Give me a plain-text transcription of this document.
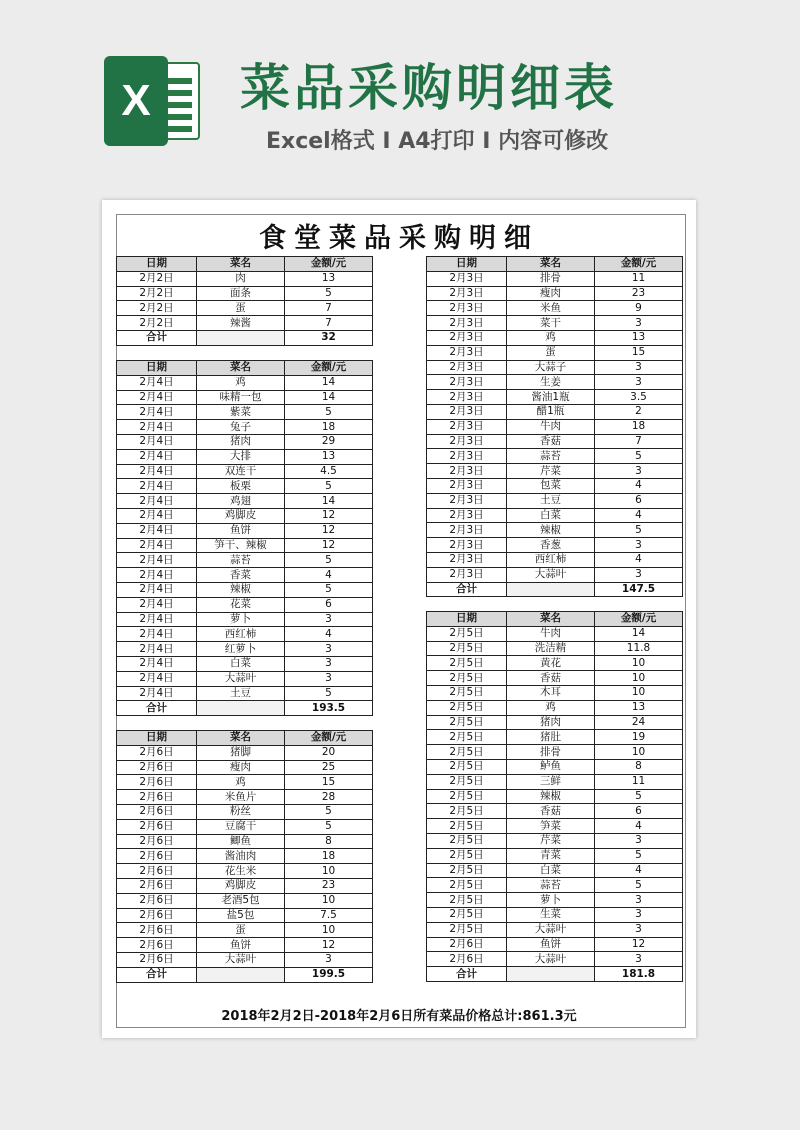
X	菜品采购明细表
Excel格式 Ⅰ A4打印 Ⅰ 内容可修改
食堂菜品采购明细
日期	菜名	金额/元
2月2日	肉	13
2月2日	面条	5
2月2日	蛋	7
2月2日	辣酱	7
合计		32
日期	菜名	金额/元
2月4日	鸡	14
2月4日	味精一包	14
2月4日	紫菜	5
2月4日	兔子	18
2月4日	猪肉	29
2月4日	大排	13
2月4日	双连干	4.5
2月4日	板栗	5
2月4日	鸡翅	14
2月4日	鸡脚皮	12
2月4日	鱼饼	12
2月4日	笋干、辣椒	12
2月4日	蒜苔	5
2月4日	香菜	4
2月4日	辣椒	5
2月4日	花菜	6
2月4日	萝卜	3
2月4日	西红柿	4
2月4日	红萝卜	3
2月4日	白菜	3
2月4日	大蒜叶	3
2月4日	土豆	5
合计		193.5
日期	菜名	金额/元
2月6日	猪脚	20
2月6日	瘦肉	25
2月6日	鸡	15
2月6日	米鱼片	28
2月6日	粉丝	5
2月6日	豆腐干	5
2月6日	鲫鱼	8
2月6日	酱油肉	18
2月6日	花生米	10
2月6日	鸡脚皮	23
2月6日	老酒5包	10
2月6日	盐5包	7.5
2月6日	蛋	10
2月6日	鱼饼	12
2月6日	大蒜叶	3
合计		199.5
日期	菜名	金额/元
2月3日	排骨	11
2月3日	瘦肉	23
2月3日	米鱼	9
2月3日	菜干	3
2月3日	鸡	13
2月3日	蛋	15
2月3日	大蒜子	3
2月3日	生姜	3
2月3日	酱油1瓶	3.5
2月3日	醋1瓶	2
2月3日	牛肉	18
2月3日	香菇	7
2月3日	蒜苔	5
2月3日	芹菜	3
2月3日	包菜	4
2月3日	土豆	6
2月3日	白菜	4
2月3日	辣椒	5
2月3日	香葱	3
2月3日	西红柿	4
2月3日	大蒜叶	3
合计		147.5
日期	菜名	金额/元
2月5日	牛肉	14
2月5日	洗洁精	11.8
2月5日	黄花	10
2月5日	香菇	10
2月5日	木耳	10
2月5日	鸡	13
2月5日	猪肉	24
2月5日	猪肚	19
2月5日	排骨	10
2月5日	鲈鱼	8
2月5日	三鲜	11
2月5日	辣椒	5
2月5日	香菇	6
2月5日	笋菜	4
2月5日	芹菜	3
2月5日	青菜	5
2月5日	白菜	4
2月5日	蒜苔	5
2月5日	萝卜	3
2月5日	生菜	3
2月5日	大蒜叶	3
2月6日	鱼饼	12
2月6日	大蒜叶	3
合计		181.8
2018年2月2日-2018年2月6日所有菜品价格总计:861.3元
